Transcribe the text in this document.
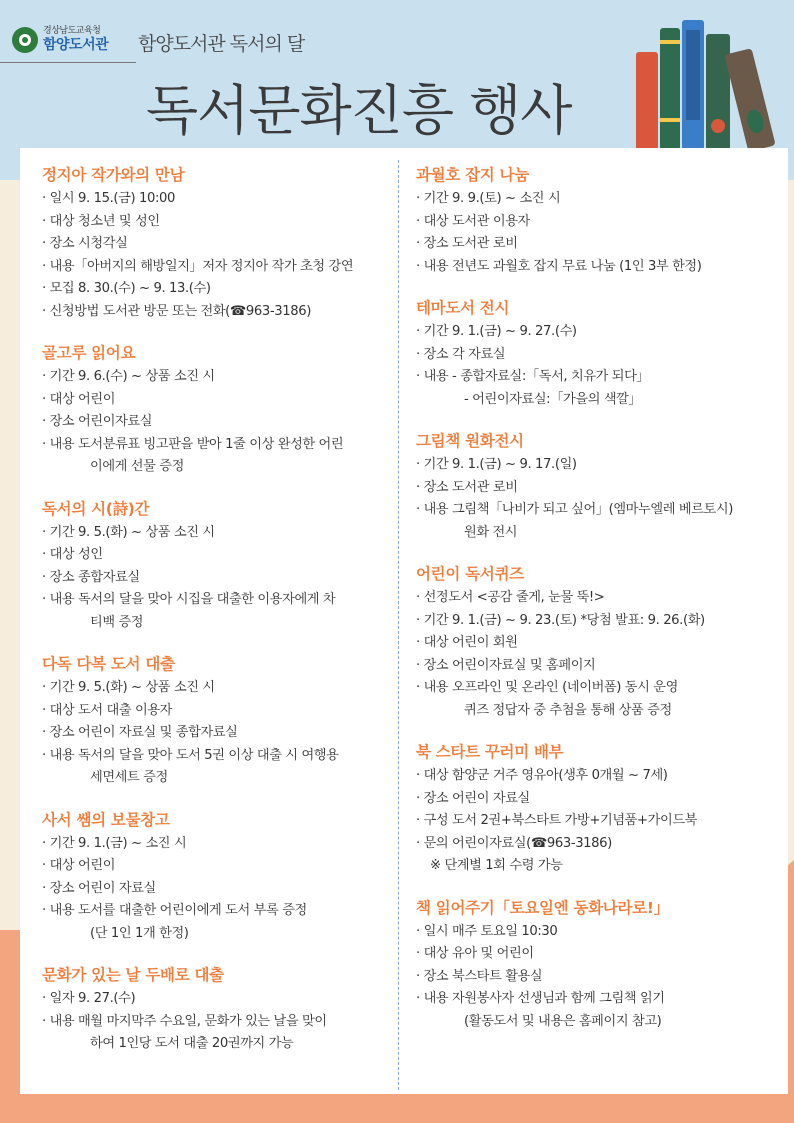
경상남도교육청
함양도서관 함양도서관 독서의 달
독서문화진흥 행사
정지아 작가와의 만남
· 일시 9. 15.(금) 10:00
· 대상 청소년 및 성인
· 장소 시청각실
· 내용「아버지의 해방일지」저자 정지아 작가 초청 강연
· 모집 8. 30.(수) ~ 9. 13.(수)
· 신청방법 도서관 방문 또는 전화(☎963-3186)
골고루 읽어요
· 기간 9. 6.(수) ~ 상품 소진 시
· 대상 어린이
· 장소 어린이자료실
· 내용 도서분류표 빙고판을 받아 1줄 이상 완성한 어린
이에게 선물 증정
독서의 시(詩)간
· 기간 9. 5.(화) ~ 상품 소진 시
· 대상 성인
· 장소 종합자료실
· 내용 독서의 달을 맞아 시집을 대출한 이용자에게 차
티백 증정
다독 다복 도서 대출
· 기간 9. 5.(화) ~ 상품 소진 시
· 대상 도서 대출 이용자
· 장소 어린이 자료실 및 종합자료실
· 내용 독서의 달을 맞아 도서 5권 이상 대출 시 여행용
세면세트 증정
사서 쌤의 보물창고
· 기간 9. 1.(금) ~ 소진 시
· 대상 어린이
· 장소 어린이 자료실
· 내용 도서를 대출한 어린이에게 도서 부록 증정
(단 1인 1개 한정)
문화가 있는 날 두배로 대출
· 일자 9. 27.(수)
· 내용 매월 마지막주 수요일, 문화가 있는 날을 맞이
하여 1인당 도서 대출 20권까지 가능
과월호 잡지 나눔
· 기간 9. 9.(토) ~ 소진 시
· 대상 도서관 이용자
· 장소 도서관 로비
· 내용 전년도 과월호 잡지 무료 나눔 (1인 3부 한정)
테마도서 전시
· 기간 9. 1.(금) ~ 9. 27.(수)
· 장소 각 자료실
· 내용 - 종합자료실:「독서, 치유가 되다」
- 어린이자료실:「가을의 색깔」
그림책 원화전시
· 기간 9. 1.(금) ~ 9. 17.(일)
· 장소 도서관 로비
· 내용 그림책「나비가 되고 싶어」(엠마누엘레 베르토시)
원화 전시
어린이 독서퀴즈
· 선정도서 <공감 줄게, 눈물 뚝!>
· 기간 9. 1.(금) ~ 9. 23.(토) *당첨 발표: 9. 26.(화)
· 대상 어린이 회원
· 장소 어린이자료실 및 홈페이지
· 내용 오프라인 및 온라인 (네이버폼) 동시 운영
퀴즈 정답자 중 추첨을 통해 상품 증정
북 스타트 꾸러미 배부
· 대상 함양군 거주 영유아(생후 0개월 ~ 7세)
· 장소 어린이 자료실
· 구성 도서 2권+북스타트 가방+기념품+가이드북
· 문의 어린이자료실(☎963-3186)
※ 단계별 1회 수령 가능
책 읽어주기「토요일엔 동화나라로!」
· 일시 매주 토요일 10:30
· 대상 유아 및 어린이
· 장소 북스타트 활용실
· 내용 자원봉사자 선생님과 함께 그림책 읽기
(활동도서 및 내용은 홈페이지 참고)
